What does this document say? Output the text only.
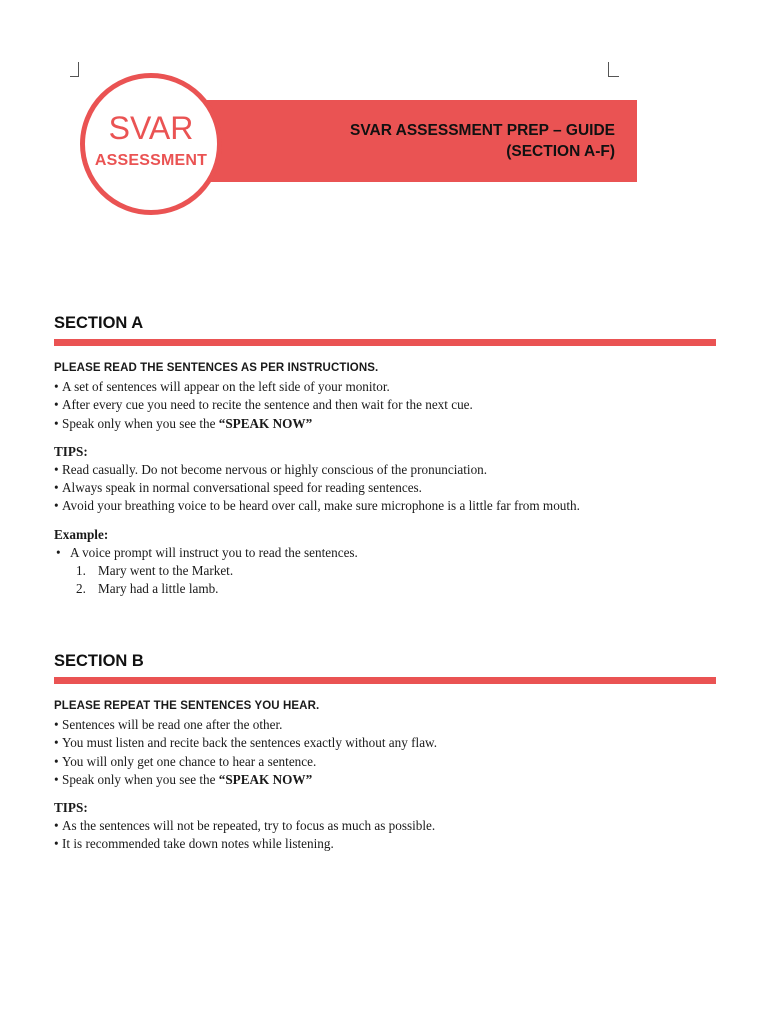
SVAR ASSESSMENT PREP – GUIDE
(SECTION A-F)
SVAR
ASSESSMENT
SECTION A
PLEASE READ THE SENTENCES AS PER INSTRUCTIONS.
• A set of sentences will appear on the left side of your monitor.
• After every cue you need to recite the sentence and then wait for the next cue.
• Speak only when you see the “SPEAK NOW”
TIPS:
• Read casually. Do not become nervous or highly conscious of the pronunciation.
• Always speak in normal conversational speed for reading sentences.
• Avoid your breathing voice to be heard over call, make sure microphone is a little far from mouth.
Example:
• A voice prompt will instruct you to read the sentences.
1. Mary went to the Market.
2. Mary had a little lamb.
SECTION B
PLEASE REPEAT THE SENTENCES YOU HEAR.
• Sentences will be read one after the other.
• You must listen and recite back the sentences exactly without any flaw.
• You will only get one chance to hear a sentence.
• Speak only when you see the “SPEAK NOW”
TIPS:
• As the sentences will not be repeated, try to focus as much as possible.
• It is recommended take down notes while listening.
